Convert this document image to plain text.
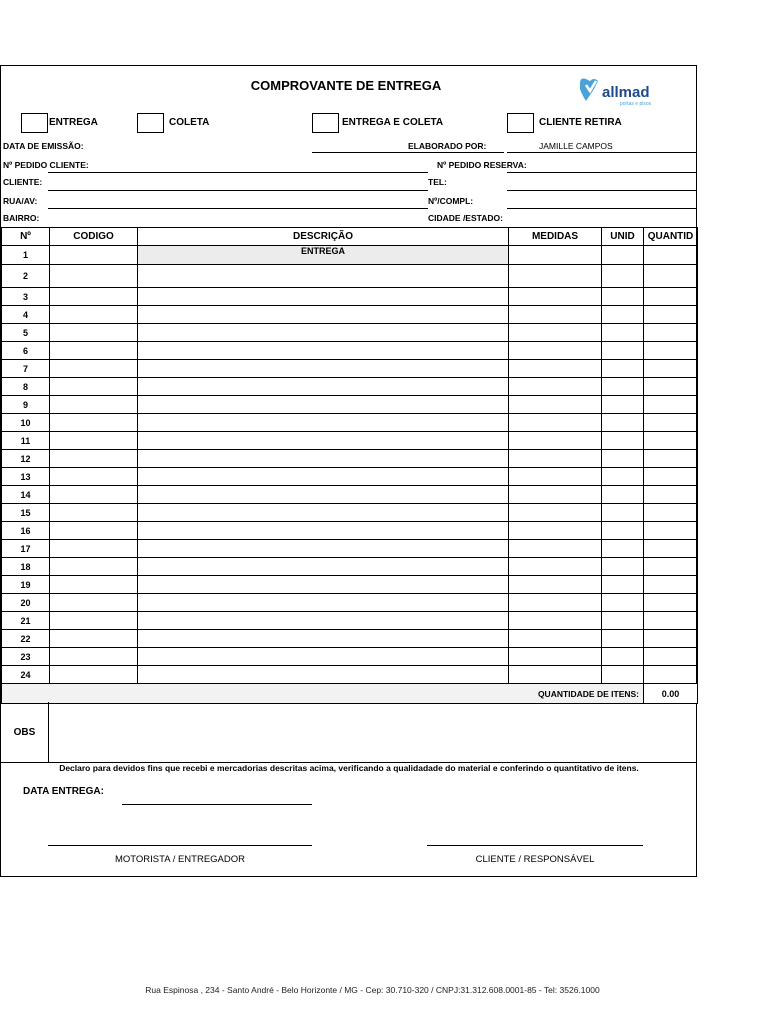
COMPROVANTE DE ENTREGA	allmad
portas e pisos
ENTREGA	COLETA	ENTREGA E COLETA	CLIENTE RETIRA
DATA DE EMISSÃO:	ELABORADO POR:	JAMILLE CAMPOS
Nº PEDIDO CLIENTE:	Nº PEDIDO RESERVA:
CLIENTE:	TEL:
RUA/AV:	Nº/COMPL:
BAIRRO:	CIDADE /ESTADO:
Nº	CODIGO	DESCRIÇÃO	MEDIDAS	UNID	QUANTID
1		ENTREGA			
2					
3					
4					
5					
6					
7					
8					
9					
10					
11					
12					
13					
14					
15					
16					
17					
18					
19					
20					
21					
22					
23					
24					
QUANTIDADE DE ITENS:					0.00
OBS
Declaro para devidos fins que recebi e mercadorias descritas acima, verificando a qualidadade do material e conferindo o quantitativo de itens.
DATA ENTREGA:
MOTORISTA / ENTREGADOR	CLIENTE / RESPONSÁVEL
Rua Espinosa , 234 - Santo André - Belo Horizonte / MG - Cep: 30.710-320 / CNPJ:31.312.608.0001-85 - Tel: 3526.1000
